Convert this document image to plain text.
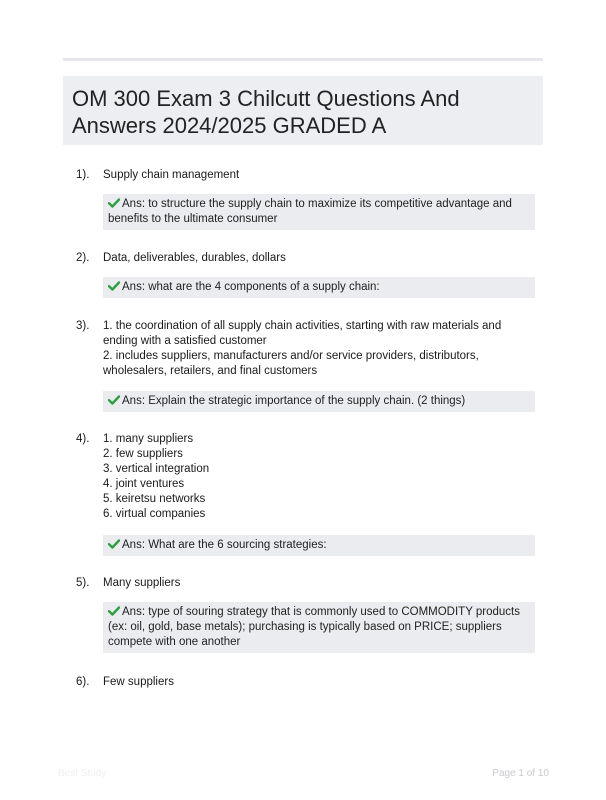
OM 300 Exam 3 Chilcutt Questions And Answers 2024/2025 GRADED A
1). Supply chain management
Ans: to structure the supply chain to maximize its competitive advantage and benefits to the ultimate consumer
2). Data, deliverables, durables, dollars
Ans: what are the 4 components of a supply chain:
3). 1. the coordination of all supply chain activities, starting with raw materials and ending with a satisfied customer
2. includes suppliers, manufacturers and/or service providers, distributors, wholesalers, retailers, and final customers
Ans: Explain the strategic importance of the supply chain. (2 things)
4). 1. many suppliers
2. few suppliers
3. vertical integration
4. joint ventures
5. keiretsu networks
6. virtual companies
Ans: What are the 6 sourcing strategies:
5). Many suppliers
Ans: type of souring strategy that is commonly used to COMMODITY products (ex: oil, gold, base metals); purchasing is typically based on PRICE; suppliers compete with one another
6). Few suppliers
Best Study	Page 1 of 10
